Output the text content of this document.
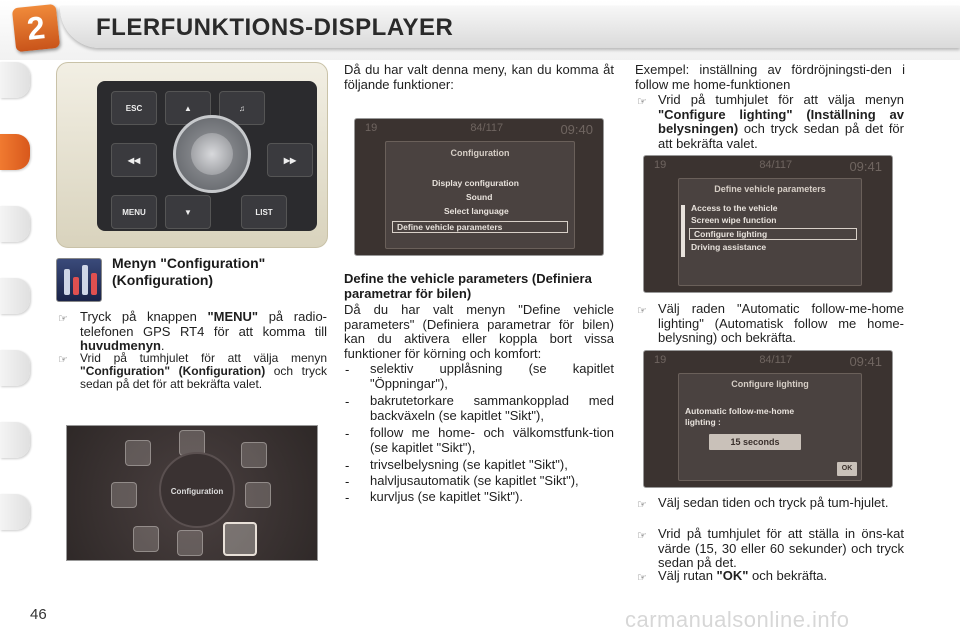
2	FLERFUNKTIONS-DISPLAYER
ESC	▲	♫
◀◀	▶▶
MENU	▼	LIST
Menyn "Configuration"
(Konfiguration)
☞ Tryck på knappen "MENU" på radio-telefonen GPS RT4 för att komma till huvudmenyn.
☞ Vrid på tumhjulet för att välja menyn "Configuration" (Konfiguration) och tryck sedan på det för att bekräfta valet.
Configuration
Då du har valt denna meny, kan du komma åt följande funktioner:
19	84/117	09:40
Configuration
Display configuration
Sound
Select language
Define vehicle parameters
Define the vehicle parameters (Definiera parametrar för bilen)
Då du har valt menyn "Define vehicle parameters" (Definiera parametrar för bilen) kan du aktivera eller koppla bort vissa funktioner för körning och komfort:
- selektiv upplåsning (se kapitlet "Öppningar"),
- bakrutetorkare sammankopplad med backväxeln (se kapitlet "Sikt"),
- follow me home- och välkomstfunk-tion (se kapitlet "Sikt"),
- trivselbelysning (se kapitlet "Sikt"),
- halvljusautomatik (se kapitlet "Sikt"),
- kurvljus (se kapitlet "Sikt").
Exempel: inställning av fördröjningsti-den i follow me home-funktionen
☞ Vrid på tumhjulet för att välja menyn "Configure lighting" (Inställning av belysningen) och tryck sedan på det för att bekräfta valet.
19	84/117	09:41
Define vehicle parameters
Access to the vehicle
Screen wipe function
Configure lighting
Driving assistance
☞ Välj raden "Automatic follow-me-home lighting" (Automatisk follow me home-belysning) och bekräfta.
19	84/117	09:41
Configure lighting
Automatic follow-me-home lighting :
15 seconds
OK
☞ Välj sedan tiden och tryck på tum-hjulet.
☞ Vrid på tumhjulet för att ställa in öns-kat värde (15, 30 eller 60 sekunder) och tryck sedan på det.
☞ Välj rutan "OK" och bekräfta.
46	carmanualsonline.info
